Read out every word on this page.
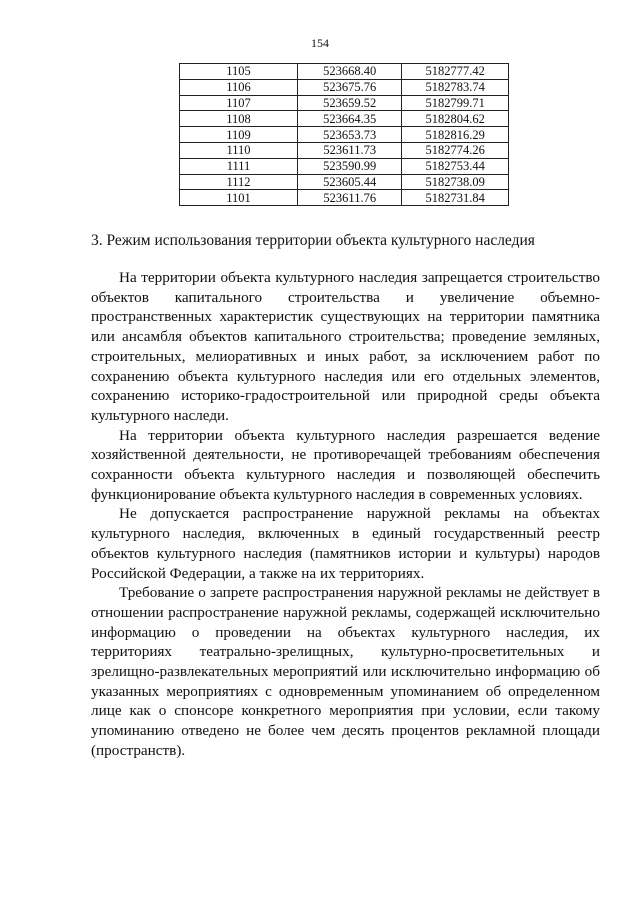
154
1105	523668.40	5182777.42
1106	523675.76	5182783.74
1107	523659.52	5182799.71
1108	523664.35	5182804.62
1109	523653.73	5182816.29
1110	523611.73	5182774.26
1111	523590.99	5182753.44
1112	523605.44	5182738.09
1101	523611.76	5182731.84
3. Режим использования территории объекта культурного наследия

На территории объекта культурного наследия запрещается строительство объектов капитального строительства и увеличение объемно-пространственных характеристик существующих на территории памятника или ансамбля объектов капитального строительства; проведение земляных, строительных, мелиоративных и иных работ, за исключением работ по сохранению объекта культурного наследия или его отдельных элементов, сохранению историко-градостроительной или природной среды объекта культурного наследи.

На территории объекта культурного наследия разрешается ведение хозяйственной деятельности, не противоречащей требованиям обеспечения сохранности объекта культурного наследия и позволяющей обеспечить функционирование объекта культурного наследия в современных условиях.

Не допускается распространение наружной рекламы на объектах культурного наследия, включенных в единый государственный реестр объектов культурного наследия (памятников истории и культуры) народов Российской Федерации, а также на их территориях.

Требование о запрете распространения наружной рекламы не действует в отношении распространение наружной рекламы, содержащей исключительно информацию о проведении на объектах культурного наследия, их территориях театрально-зрелищных, культурно-просветительных и зрелищно-развлекательных мероприятий или исключительно информацию об указанных мероприятиях с одновременным упоминанием об определенном лице как о спонсоре конкретного мероприятия при условии, если такому упоминанию отведено не более чем десять процентов рекламной площади (пространств).
